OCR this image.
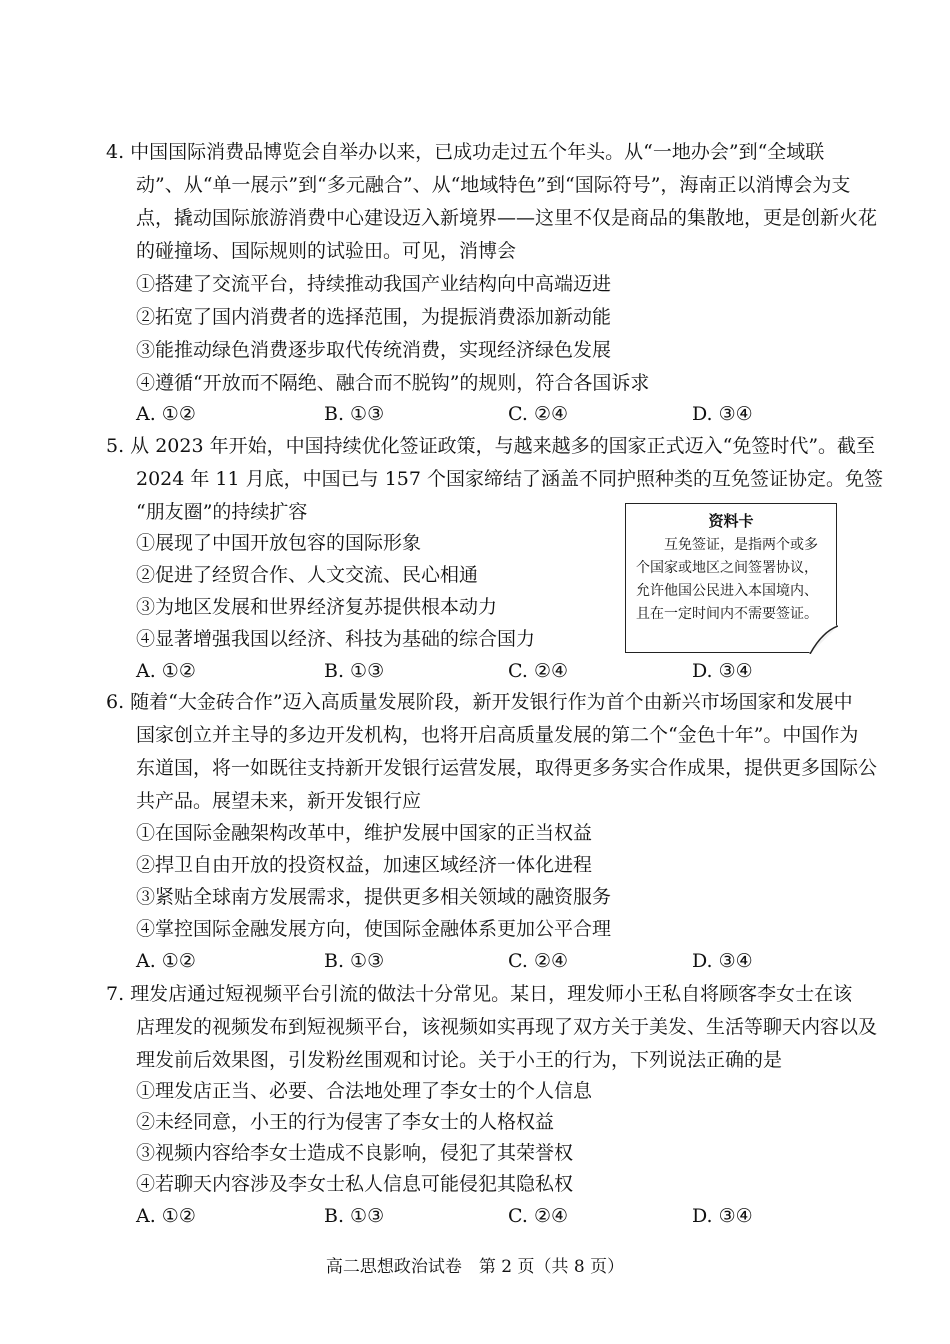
4. 中国国际消费品博览会自举办以来，已成功走过五个年头。从“一地办会”到“全域联
动”、从“单一展示”到“多元融合”、从“地域特色”到“国际符号”，海南正以消博会为支
点，撬动国际旅游消费中心建设迈入新境界——这里不仅是商品的集散地，更是创新火花
的碰撞场、国际规则的试验田。可见，消博会
①搭建了交流平台，持续推动我国产业结构向中高端迈进
②拓宽了国内消费者的选择范围，为提振消费添加新动能
③能推动绿色消费逐步取代传统消费，实现经济绿色发展
④遵循“开放而不隔绝、融合而不脱钩”的规则，符合各国诉求
A. ①②	B. ①③	C. ②④	D. ③④
5. 从 2023 年开始，中国持续优化签证政策，与越来越多的国家正式迈入“免签时代”。截至
2024 年 11 月底，中国已与 157 个国家缔结了涵盖不同护照种类的互免签证协定。免签
“朋友圈”的持续扩容
①展现了中国开放包容的国际形象
②促进了经贸合作、人文交流、民心相通
③为地区发展和世界经济复苏提供根本动力
④显著增强我国以经济、科技为基础的综合国力
A. ①②	B. ①③	C. ②④	D. ③④
资料卡
互免签证，是指两个或多个国家或地区之间签署协议，允许他国公民进入本国境内、且在一定时间内不需要签证。
6. 随着“大金砖合作”迈入高质量发展阶段，新开发银行作为首个由新兴市场国家和发展中
国家创立并主导的多边开发机构，也将开启高质量发展的第二个“金色十年”。中国作为
东道国，将一如既往支持新开发银行运营发展，取得更多务实合作成果，提供更多国际公
共产品。展望未来，新开发银行应
①在国际金融架构改革中，维护发展中国家的正当权益
②捍卫自由开放的投资权益，加速区域经济一体化进程
③紧贴全球南方发展需求，提供更多相关领域的融资服务
④掌控国际金融发展方向，使国际金融体系更加公平合理
A. ①②	B. ①③	C. ②④	D. ③④
7. 理发店通过短视频平台引流的做法十分常见。某日，理发师小王私自将顾客李女士在该
店理发的视频发布到短视频平台，该视频如实再现了双方关于美发、生活等聊天内容以及
理发前后效果图，引发粉丝围观和讨论。关于小王的行为，下列说法正确的是
①理发店正当、必要、合法地处理了李女士的个人信息
②未经同意，小王的行为侵害了李女士的人格权益
③视频内容给李女士造成不良影响，侵犯了其荣誉权
④若聊天内容涉及李女士私人信息可能侵犯其隐私权
A. ①②	B. ①③	C. ②④	D. ③④
高二思想政治试卷　第 2 页（共 8 页）
